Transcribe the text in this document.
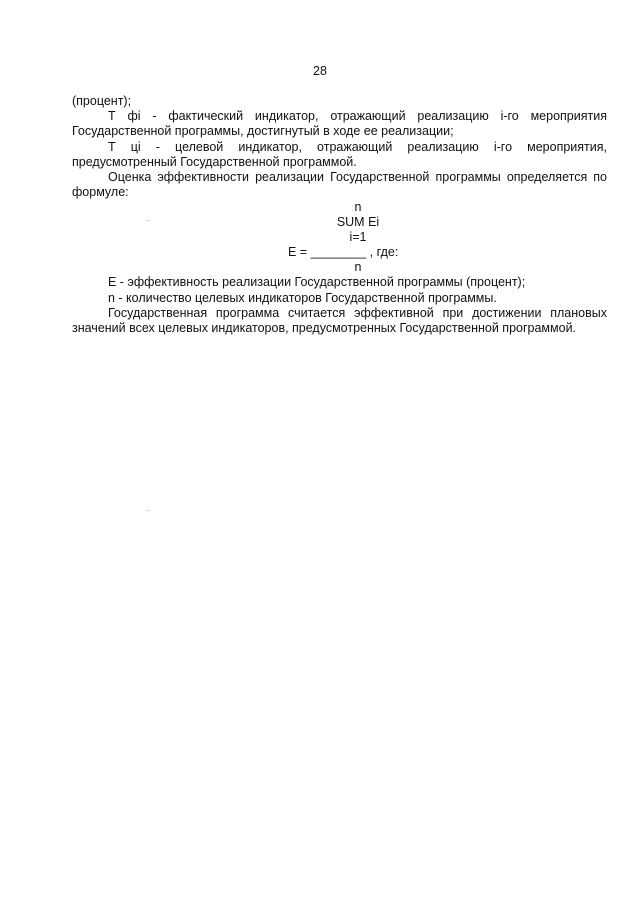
28

(процент);

Т фi - фактический индикатор, отражающий реализацию i-го мероприятия Государственной программы, достигнутый в ходе ее реализации;

Т цi - целевой индикатор, отражающий реализацию i-го мероприятия, предусмотренный Государственной программой.

Оценка эффективности реализации Государственной программы определяется по формуле:

n
SUM Ei
i=1
E = ________ , где:
n

E - эффективность реализации Государственной программы (процент);

n - количество целевых индикаторов Государственной программы.

Государственная программа считается эффективной при достижении плановых значений всех целевых индикаторов, предусмотренных Государственной программой.
